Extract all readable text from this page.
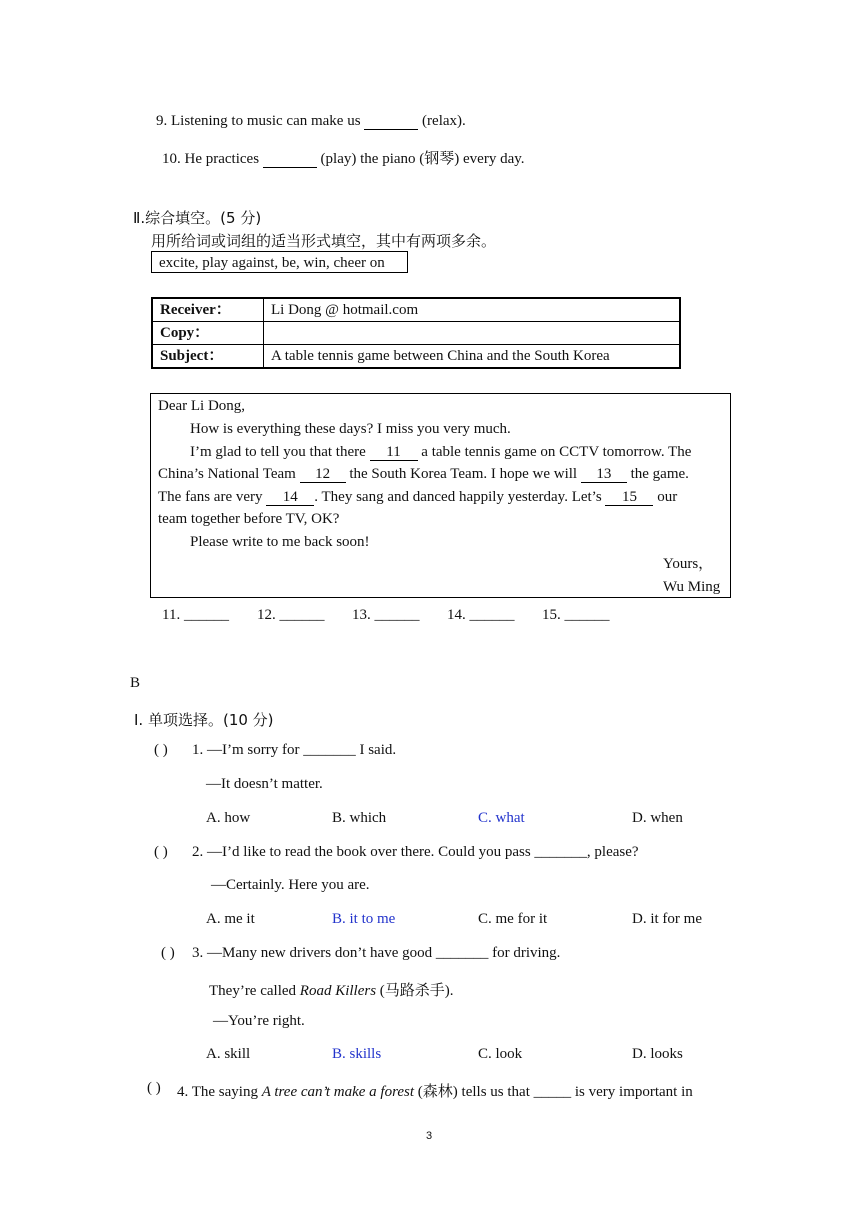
9. Listening to music can make us	(relax).
10. He practices	(play) the piano (钢琴) every day.
Ⅱ.综合填空。(5 分)
用所给词或词组的适当形式填空，其中有两项多余。
excite, play against, be, win, cheer on
Receiver：	Li Dong @ hotmail.com
Copy：	
Subject：	A table tennis game between China and the South Korea
Dear Li Dong,
How is everything these days? I miss you very much.
I’m glad to tell you that there 11 a table tennis game on CCTV tomorrow. The
China’s National Team 12 the South Korea Team. I hope we will 13 the game.
The fans are very 14 . They sang and danced happily yesterday. Let’s 15 our
team together before TV, OK?
Please write to me back soon!
Yours，
Wu Ming
11. ______ 12. ______ 13. ______ 14. ______ 15. ______
B
Ⅰ. 单项选择。(10 分)
( ) 1. —I’m sorry for _______ I said.
—It doesn’t matter.
A. how	B. which	C. what	D. when
( ) 2. —I’d like to read the book over there. Could you pass _______, please?
—Certainly. Here you are.
A. me it	B. it to me	C. me for it	D. it for me
( ) 3. —Many new drivers don’t have good _______ for driving.
They’re called Road Killers (马路杀手).
—You’re right.
A. skill	B. skills	C. look	D. looks
( ) 4. The saying A tree can’t make a forest (森林) tells us that _____ is very important in
3
